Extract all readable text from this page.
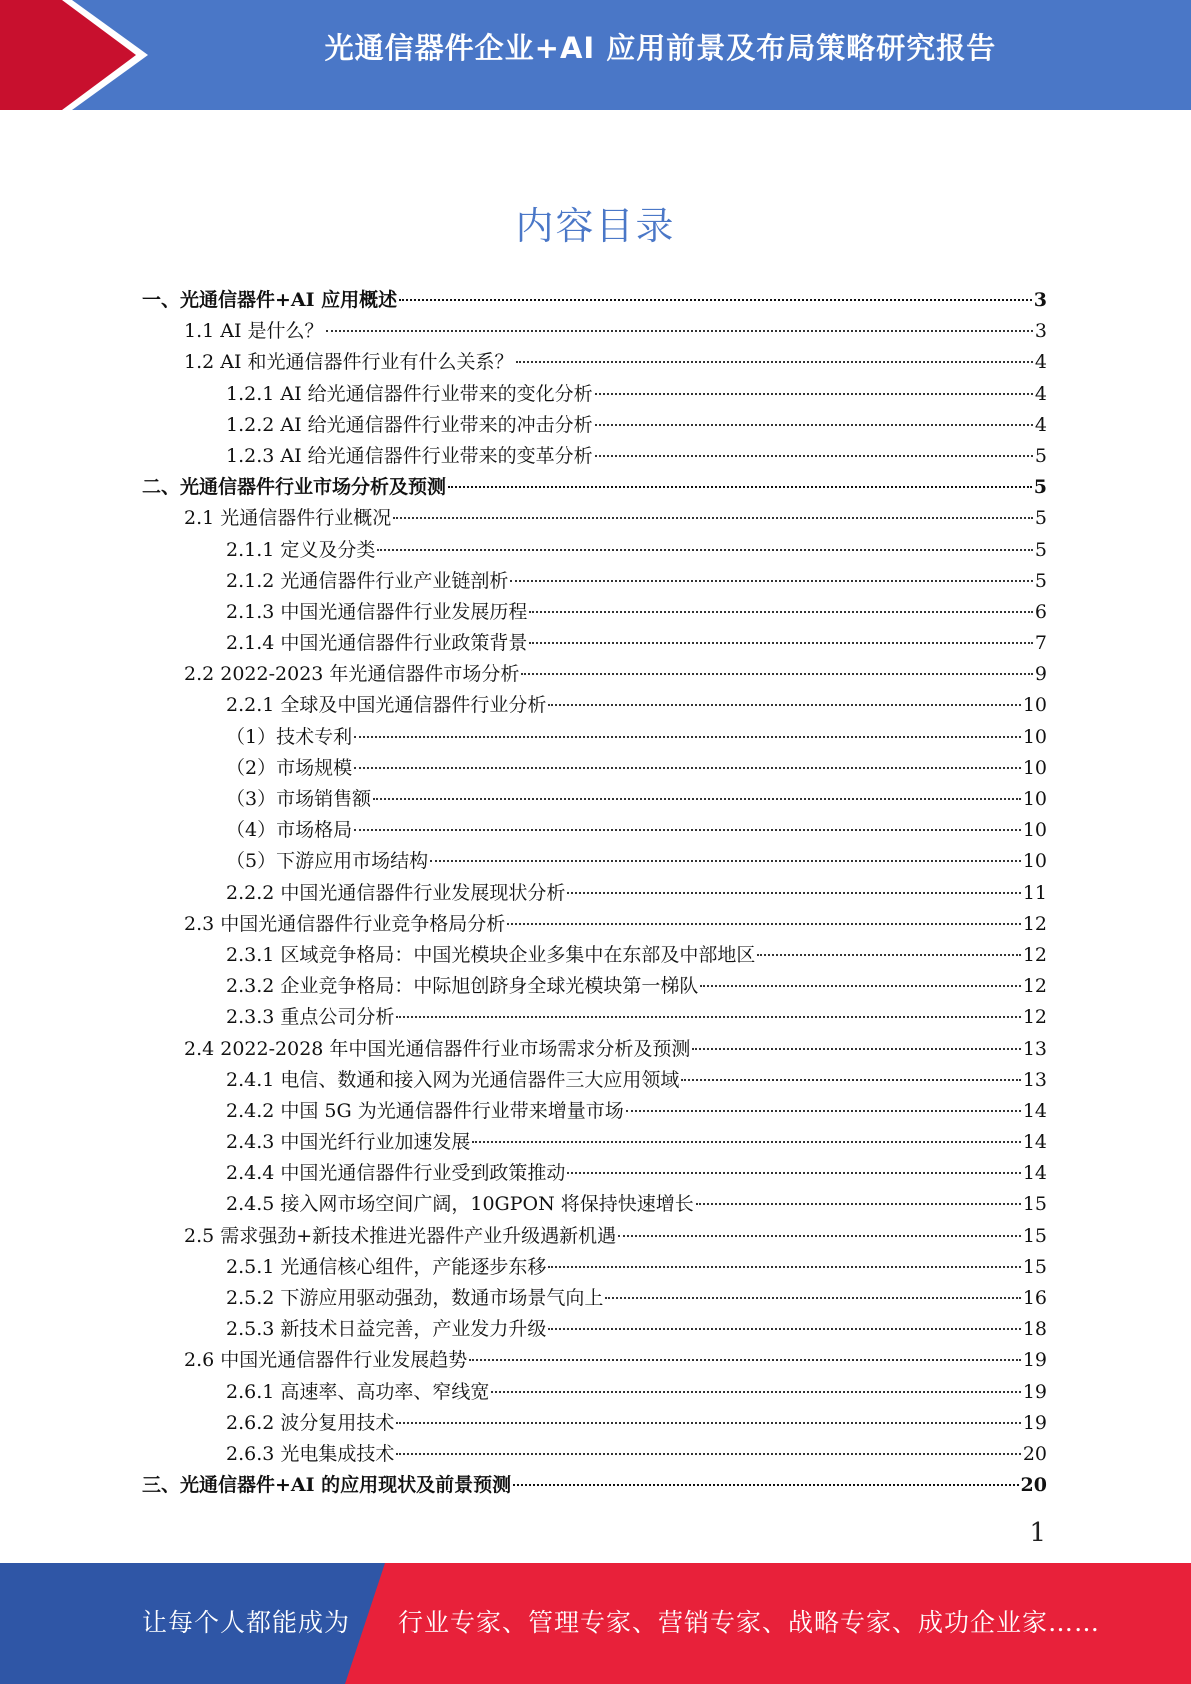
光通信器件企业+AI 应用前景及布局策略研究报告
内容目录
一、光通信器件+AI 应用概述	3
1.1 AI 是什么？	3
1.2 AI 和光通信器件行业有什么关系？	4
1.2.1 AI 给光通信器件行业带来的变化分析	4
1.2.2 AI 给光通信器件行业带来的冲击分析	4
1.2.3 AI 给光通信器件行业带来的变革分析	5
二、光通信器件行业市场分析及预测	5
2.1 光通信器件行业概况	5
2.1.1 定义及分类	5
2.1.2 光通信器件行业产业链剖析	5
2.1.3 中国光通信器件行业发展历程	6
2.1.4 中国光通信器件行业政策背景	7
2.2 2022-2023 年光通信器件市场分析	9
2.2.1 全球及中国光通信器件行业分析	10
（1）技术专利	10
（2）市场规模	10
（3）市场销售额	10
（4）市场格局	10
（5）下游应用市场结构	10
2.2.2 中国光通信器件行业发展现状分析	11
2.3 中国光通信器件行业竞争格局分析	12
2.3.1 区域竞争格局：中国光模块企业多集中在东部及中部地区	12
2.3.2 企业竞争格局：中际旭创跻身全球光模块第一梯队	12
2.3.3 重点公司分析	12
2.4 2022-2028 年中国光通信器件行业市场需求分析及预测	13
2.4.1 电信、数通和接入网为光通信器件三大应用领域	13
2.4.2 中国 5G 为光通信器件行业带来增量市场	14
2.4.3 中国光纤行业加速发展	14
2.4.4 中国光通信器件行业受到政策推动	14
2.4.5 接入网市场空间广阔，10GPON 将保持快速增长	15
2.5 需求强劲+新技术推进光器件产业升级遇新机遇	15
2.5.1 光通信核心组件，产能逐步东移	15
2.5.2 下游应用驱动强劲，数通市场景气向上	16
2.5.3 新技术日益完善，产业发力升级	18
2.6 中国光通信器件行业发展趋势	19
2.6.1 高速率、高功率、窄线宽	19
2.6.2 波分复用技术	19
2.6.3 光电集成技术	20
三、光通信器件+AI 的应用现状及前景预测	20
1
让每个人都能成为 行业专家、管理专家、营销专家、战略专家、成功企业家……
